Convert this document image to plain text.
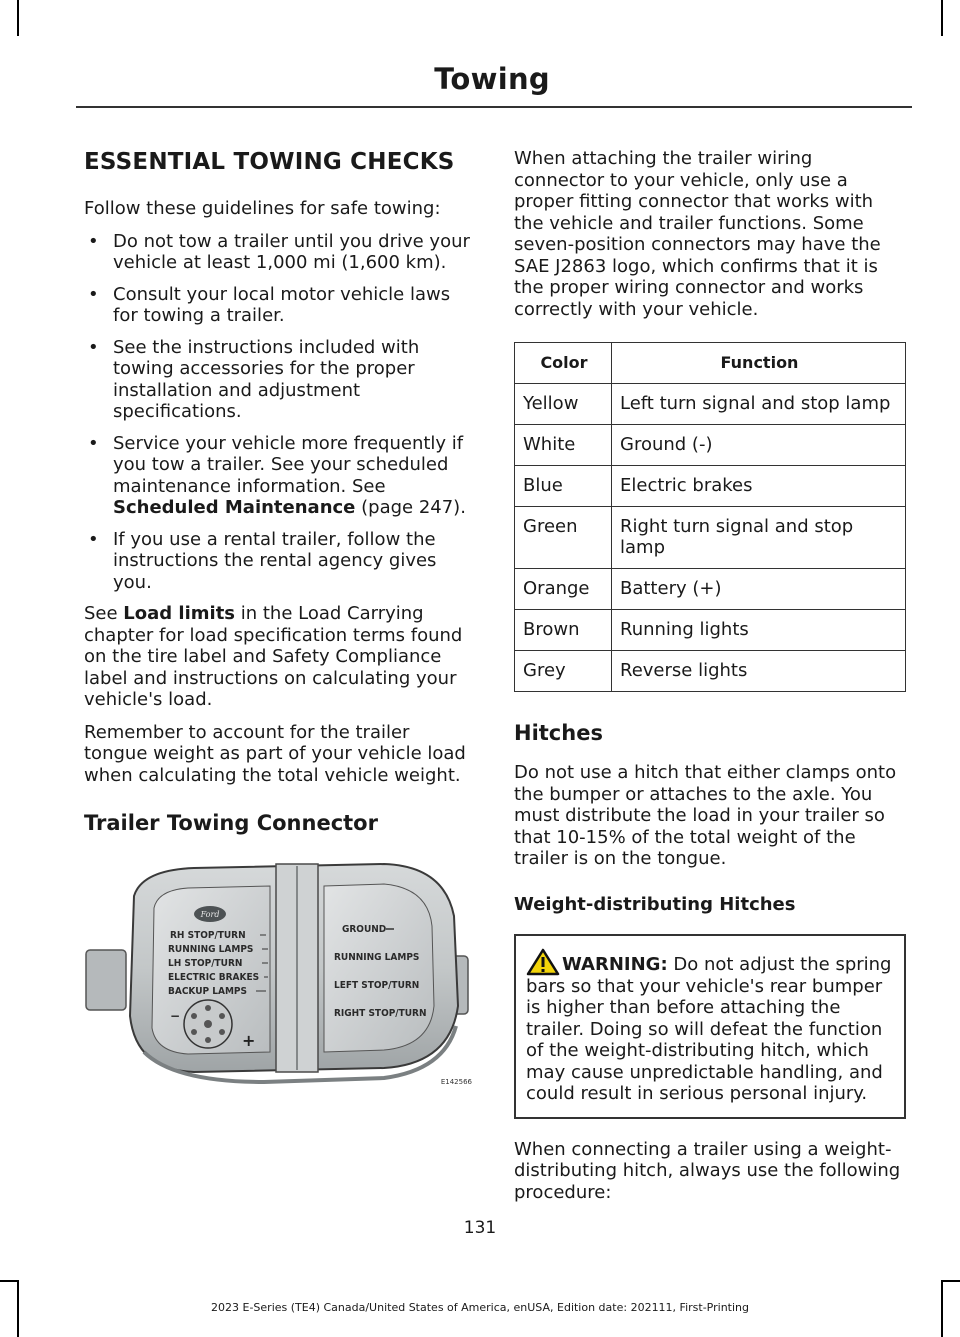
Towing
ESSENTIAL TOWING CHECKS

Follow these guidelines for safe towing:

• Do not tow a trailer until you drive your vehicle at least 1,000 mi (1,600 km).
• Consult your local motor vehicle laws for towing a trailer.
• See the instructions included with towing accessories for the proper installation and adjustment specifications.
• Service your vehicle more frequently if you tow a trailer. See your scheduled maintenance information. See Scheduled Maintenance (page 247).
• If you use a rental trailer, follow the instructions the rental agency gives you.

See Load limits in the Load Carrying chapter for load specification terms found on the tire label and Safety Compliance label and instructions on calculating your vehicle's load.

Remember to account for the trailer tongue weight as part of your vehicle load when calculating the total vehicle weight.

Trailer Towing Connector
Ford
RH STOP/TURN
RUNNING LAMPS
LH STOP/TURN
ELECTRIC BRAKES
BACKUP LAMPS
−
+
GROUND
RUNNING LAMPS
LEFT STOP/TURN
RIGHT STOP/TURN
E142566

When attaching the trailer wiring connector to your vehicle, only use a proper fitting connector that works with the vehicle and trailer functions. Some seven-position connectors may have the SAE J2863 logo, which confirms that it is the proper wiring connector and works correctly with your vehicle.

Color	Function
Yellow	Left turn signal and stop lamp
White	Ground (-)
Blue	Electric brakes
Green	Right turn signal and stop lamp
Orange	Battery (+)
Brown	Running lights
Grey	Reverse lights
Hitches

Do not use a hitch that either clamps onto the bumper or attaches to the axle. You must distribute the load in your trailer so that 10-15% of the total weight of the trailer is on the tongue.

Weight-distributing Hitches
WARNING: Do not adjust the spring bars so that your vehicle's rear bumper is higher than before attaching the trailer. Doing so will defeat the function of the weight-distributing hitch, which may cause unpredictable handling, and could result in serious personal injury.

When connecting a trailer using a weight-distributing hitch, always use the following procedure:

131
2023 E-Series (TE4) Canada/United States of America, enUSA, Edition date: 202111, First-Printing
